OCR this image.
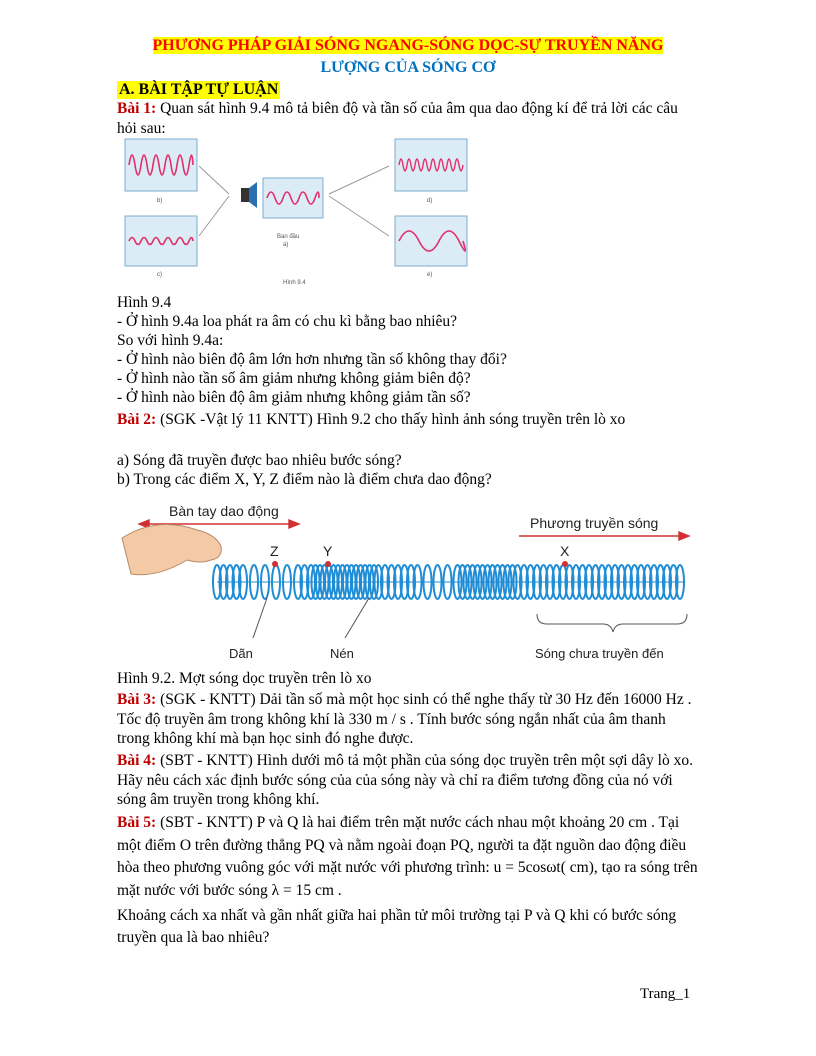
PHƯƠNG PHÁP GIẢI SÓNG NGANG-SÓNG DỌC-SỰ TRUYỀN NĂNG
LƯỢNG CỦA SÓNG CƠ
A. BÀI TẬP TỰ LUẬN
Bài 1: Quan sát hình 9.4 mô tả biên độ và tần số của âm qua dao động kí để trả lời các câu hỏi sau:
b)
c)
Ban đầu
a)
d)
e)
Hình 9.4
Hình 9.4
- Ở hình 9.4a loa phát ra âm có chu kì bằng bao nhiêu?
So với hình 9.4a:
- Ở hình nào biên độ âm lớn hơn nhưng tần số không thay đổi?
- Ở hình nào tần số âm giảm nhưng không giảm biên độ?
- Ở hình nào biên độ âm giảm nhưng không giảm tần số?
Bài 2: (SGK -Vật lý 11 KNTT) Hình 9.2 cho thấy hình ảnh sóng truyền trên lò xo
a) Sóng đã truyền được bao nhiêu bước sóng?
b) Trong các điểm X, Y, Z điểm nào là điểm chưa dao động?
Bàn tay dao động
Phương truyền sóng
Z	Y	X
Dãn	Nén	Sóng chưa truyền đến
Hình 9.2. Mợt sóng dọc truyền trên lò xo
Bài 3: (SGK - KNTT) Dải tần số mà một học sinh có thể nghe thấy từ 30 Hz đến 16000 Hz . Tốc độ truyền âm trong không khí là 330 m / s . Tính bước sóng ngắn nhất của âm thanh trong không khí mà bạn học sinh đó nghe được.
Bài 4: (SBT - KNTT) Hình dưới mô tả một phần của sóng dọc truyền trên một sợi dây lò xo. Hãy nêu cách xác định bước sóng của của sóng này và chỉ ra điểm tương đồng của nó với sóng âm truyền trong không khí.
Bài 5: (SBT - KNTT) P và Q là hai điểm trên mặt nước cách nhau một khoảng 20 cm . Tại một điểm O trên đường thẳng PQ và nằm ngoài đoạn PQ, người ta đặt nguồn dao động điều hòa theo phương vuông góc với mặt nước với phương trình: u = 5cosωt( cm), tạo ra sóng trên mặt nước với bước sóng λ = 15 cm .
Khoảng cách xa nhất và gần nhất giữa hai phần tử môi trường tại P và Q khi có bước sóng truyền qua là bao nhiêu?
Trang_1
